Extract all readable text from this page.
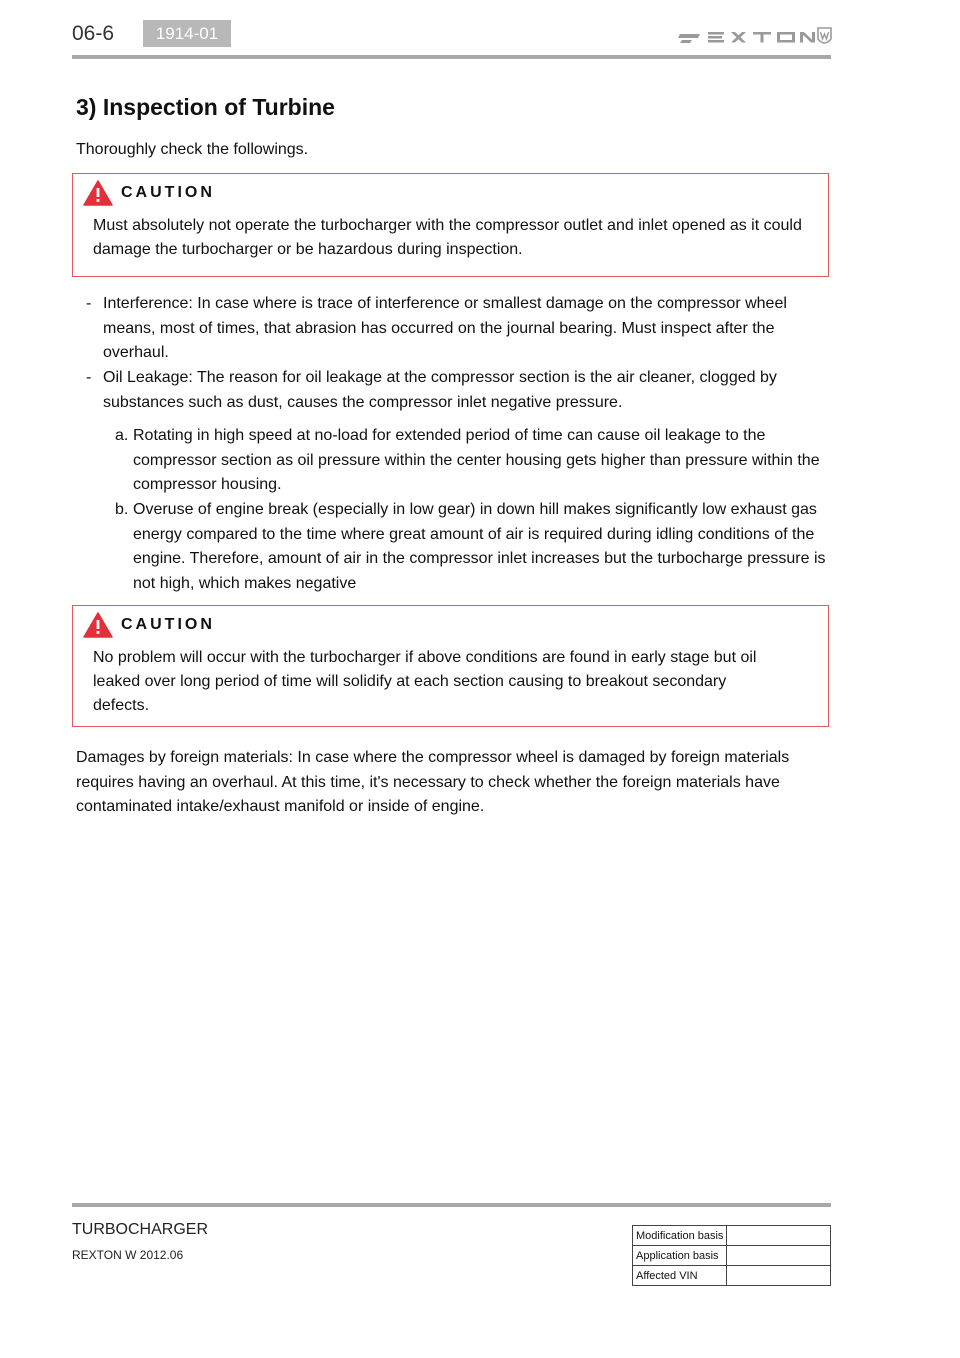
06-6	1914-01
3) Inspection of Turbine
Thoroughly check the followings.
CAUTION
Must absolutely not operate the turbocharger with the compressor outlet and inlet opened as it could damage the turbocharger or be hazardous during inspection.
- Interference: In case where is trace of interference or smallest damage on the compressor wheel means, most of times, that abrasion has occurred on the journal bearing. Must inspect after the overhaul.
- Oil Leakage: The reason for oil leakage at the compressor section is the air cleaner, clogged by substances such as dust, causes the compressor inlet negative pressure.
a. Rotating in high speed at no-load for extended period of time can cause oil leakage to the compressor section as oil pressure within the center housing gets higher than pressure within the compressor housing.
b. Overuse of engine break (especially in low gear) in down hill makes significantly low exhaust gas energy compared to the time where great amount of air is required during idling conditions of the engine. Therefore, amount of air in the compressor inlet increases but the turbocharge pressure is not high, which makes negative
CAUTION
No problem will occur with the turbocharger if above conditions are found in early stage but oil leaked over long period of time will solidify at each section causing to breakout secondary defects.
Damages by foreign materials: In case where the compressor wheel is damaged by foreign materials requires having an overhaul. At this time, it's necessary to check whether the foreign materials have contaminated intake/exhaust manifold or inside of engine.
TURBOCHARGER
REXTON W 2012.06
Modification basis	
Application basis	
Affected VIN	
